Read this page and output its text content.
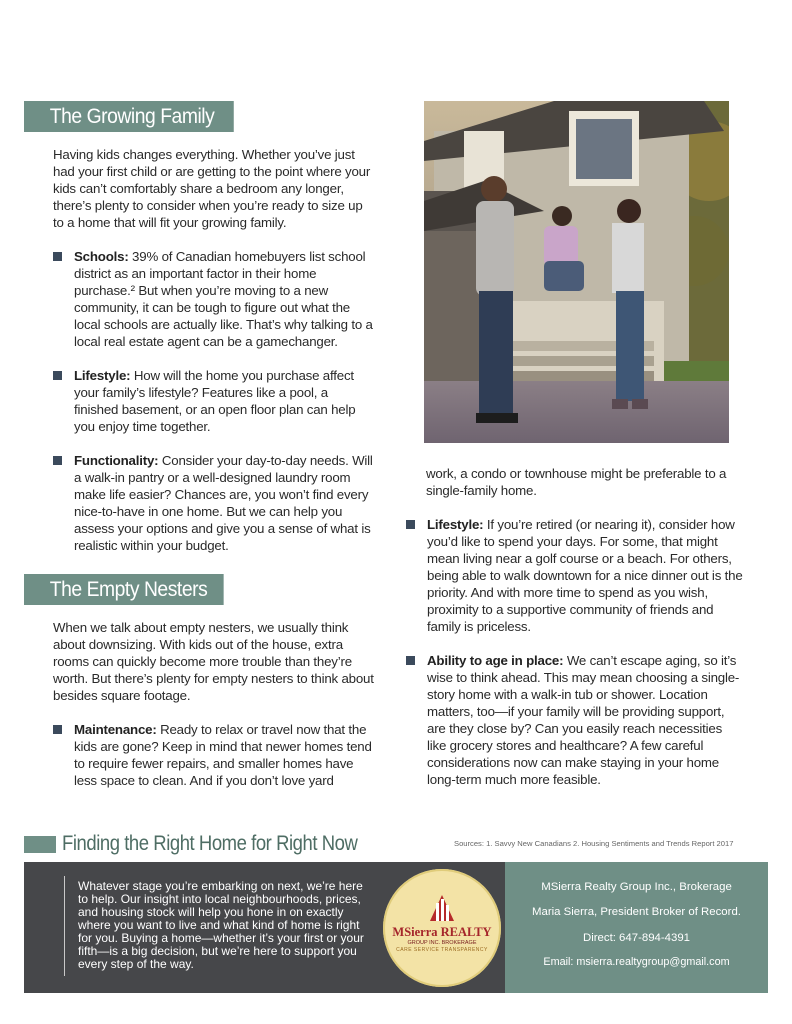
The Growing Family

Having kids changes everything. Whether you’ve just had your first child or are getting to the point where your kids can’t comfortably share a bedroom any longer, there’s plenty to consider when you’re ready to size up to a home that will fit your growing family.

Schools: 39% of Canadian homebuyers list school district as an important factor in their home purchase.² But when you’re moving to a new community, it can be tough to figure out what the local schools are actually like. That’s why talking to a local real estate agent can be a gamechanger.
Lifestyle: How will the home you purchase affect your family’s lifestyle? Features like a pool, a finished basement, or an open floor plan can help you enjoy time together.
Functionality: Consider your day-to-day needs. Will a walk-in pantry or a well-designed laundry room make life easier? Chances are, you won’t find every nice-to-have in one home. But we can help you assess your options and give you a sense of what is realistic within your budget.
The Empty Nesters

When we talk about empty nesters, we usually think about downsizing. With kids out of the house, extra rooms can quickly become more trouble than they’re worth. But there’s plenty for empty nesters to think about besides square footage.

Maintenance: Ready to relax or travel now that the kids are gone? Keep in mind that newer homes tend to require fewer repairs, and smaller homes have less space to clean. And if you don’t love yard

work, a condo or townhouse might be preferable to a single-family home.

Lifestyle: If you’re retired (or nearing it), consider how you’d like to spend your days. For some, that might mean living near a golf course or a beach. For others, being able to walk downtown for a nice dinner out is the priority. And with more time to spend as you wish, proximity to a supportive community of friends and family is priceless.
Ability to age in place: We can’t escape aging, so it’s wise to think ahead. This may mean choosing a single-story home with a walk-in tub or shower. Location matters, too—if your family will be providing support, are they close by? Can you easily reach necessities like grocery stores and healthcare? A few careful considerations now can make staying in your home long-term much more feasible.
Finding the Right Home for Right Now	Sources: 1. Savvy New Canadians 2. Housing Sentiments and Trends Report 2017
Whatever stage you’re embarking on next, we’re here to help. Our insight into local neighbourhoods, prices, and housing stock will help you hone in on exactly where you want to live and what kind of home is right for you. Buying a home—whether it’s your first or your fifth—is a big decision, but we’re here to support you every step of the way.
MSierra REALTY
GROUP INC. BROKERAGE
CARE SERVICE TRANSPARENCY
MSierra Realty Group Inc., Brokerage
Maria Sierra, President Broker of Record.
Direct: 647-894-4391
Email: msierra.realtygroup@gmail.com
